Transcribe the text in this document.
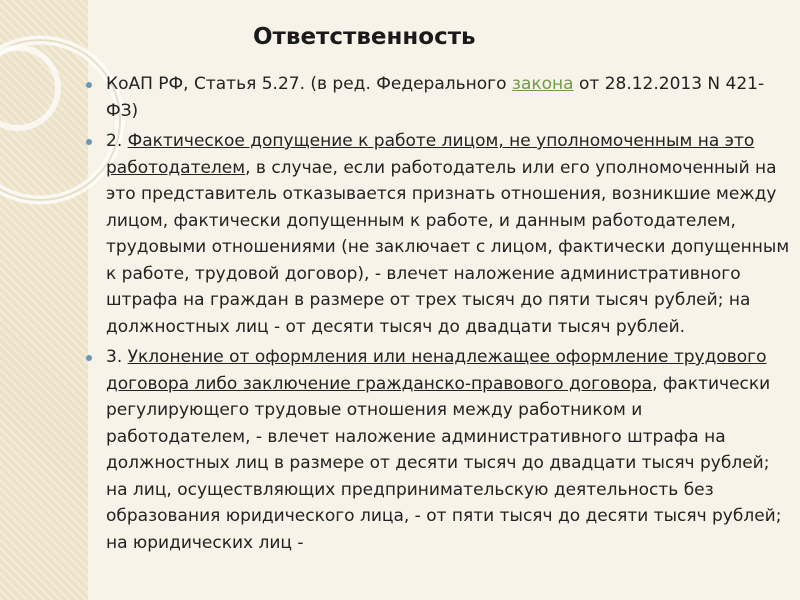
Ответственность
КоАП РФ, Статья 5.27. (в ред. Федерального закона от 28.12.2013 N 421-ФЗ)
2. Фактическое допущение к работе лицом, не уполномоченным на это работодателем, в случае, если работодатель или его уполномоченный на это представитель отказывается признать отношения, возникшие между лицом, фактически допущенным к работе, и данным работодателем, трудовыми отношениями (не заключает с лицом, фактически допущенным к работе, трудовой договор), - влечет наложение административного штрафа на граждан в размере от трех тысяч до пяти тысяч рублей; на должностных лиц - от десяти тысяч до двадцати тысяч рублей.
3. Уклонение от оформления или ненадлежащее оформление трудового договора либо заключение гражданско-правового договора, фактически регулирующего трудовые отношения между работником и работодателем, - влечет наложение административного штрафа на должностных лиц в размере от десяти тысяч до двадцати тысяч рублей; на лиц, осуществляющих предпринимательскую деятельность без образования юридического лица, - от пяти тысяч до десяти тысяч рублей; на юридических лиц -
